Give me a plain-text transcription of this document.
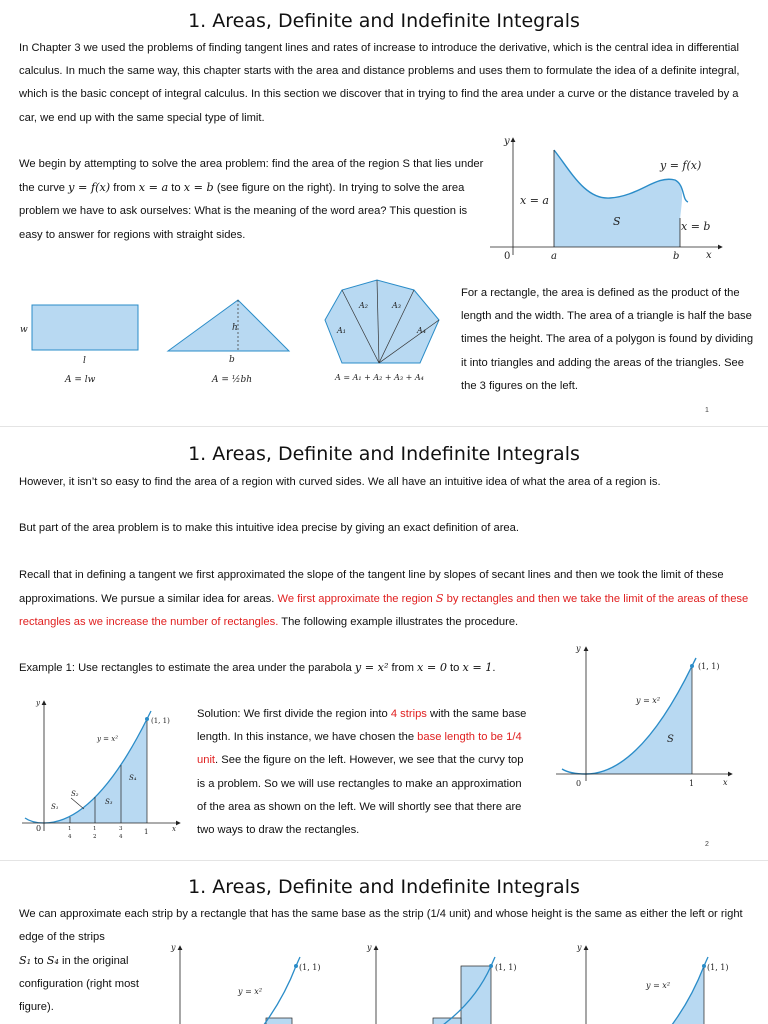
1. Areas, Definite and Indefinite Integrals

In Chapter 3 we used the problems of finding tangent lines and rates of increase to introduce the derivative, which is the central idea in differential calculus. In much the same way, this chapter starts with the area and distance problems and uses them to formulate the idea of a definite integral, which is the basic concept of integral calculus. In this section we discover that in trying to find the area under a curve or the distance traveled by a car, we end up with the same special type of limit.

We begin by attempting to solve the area problem: find the area of the region S that lies under the curve y = f(x) from x = a to x = b (see figure on the right). In trying to solve the area problem we have to ask ourselves: What is the meaning of the word area? This question is easy to answer for regions with straight sides.

y
x
0	a	b
S
y = f(x)
x = a
x = b
w
l
A = lw
h
b
A = ½bh
A₁
A₂	A₃
A₄
A = A₁ + A₂ + A₃ + A₄

For a rectangle, the area is defined as the product of the length and the width. The area of a triangle is half the base times the height. The area of a polygon is found by dividing it into triangles and adding the areas of the triangles. See the 3 figures on the left.

1
1. Areas, Definite and Indefinite Integrals

However, it isn’t so easy to find the area of a region with curved sides. We all have an intuitive idea of what the area of a region is.

But part of the area problem is to make this intuitive idea precise by giving an exact definition of area.

Recall that in defining a tangent we first approximated the slope of the tangent line by slopes of secant lines and then we took the limit of these approximations. We pursue a similar idea for areas. We first approximate the region S by rectangles and then we take the limit of the areas of these rectangles as we increase the number of rectangles. The following example illustrates the procedure.

Example 1: Use rectangles to estimate the area under the parabola y = x² from x = 0 to x = 1.

y
x
0	1
(1, 1)
y = x²
S
y
x
0
(1, 1)
y = x²
S₁
S₂
S₃
S₄
1
4
1
2
3
4
1

Solution: We first divide the region into 4 strips with the same base length. In this instance, we have chosen the base length to be 1/4 unit. See the figure on the left. However, we see that the curvy top is a problem. So we will use rectangles to make an approximation of the area as shown on the left. We will shortly see that there are two ways to draw the rectangles.

2
1. Areas, Definite and Indefinite Integrals

We can approximate each strip by a rectangle that has the same base as the strip (1/4 unit) and whose height is the same as either the left or right edge of the strips

S₁ to S₄ in the original configuration (right most figure).

y
(1, 1)
y = x²
y
(1, 1)
y
(1, 1)
y = x²
